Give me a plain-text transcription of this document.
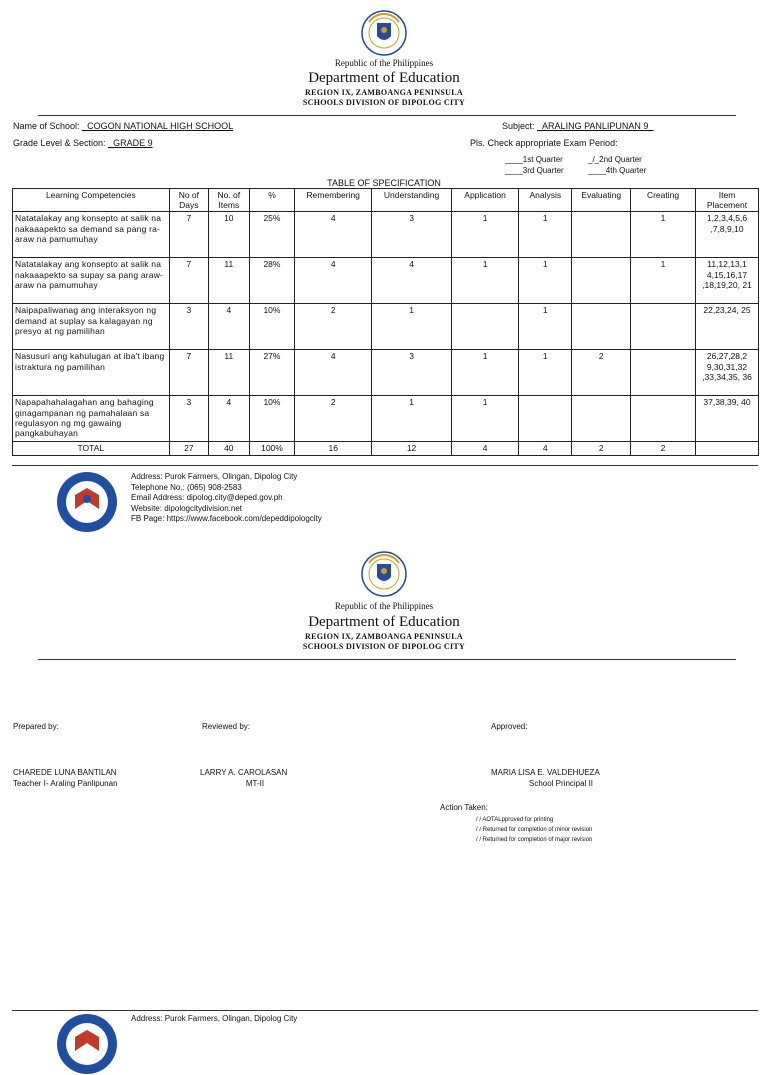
Republic of the Philippines
Department of Education
REGION IX, ZAMBOANGA PENINSULA
SCHOOLS DIVISION OF DIPOLOG CITY
Name of School: _COGON NATIONAL HIGH SCHOOL	Subject: _ARALING PANLIPUNAN 9_
Grade Level & Section: _GRADE 9	Pls. Check appropriate Exam Period:
____1st Quarter	_/_2nd Quarter
____3rd Quarter	____4th Quarter
TABLE OF SPECIFICATION
Learning Competencies	No of Days	No. of Items	%	Remembering	Understanding	Application	Analysis	Evaluating	Creating	Item Placement
Natatalakay ang konsepto at salik na nakaaapekto sa demand sa pang ra-araw na pamumuhay	7	10	25%	4	3	1	1		1	1,2,3,4,5,6 ,7,8,9,10
Natatalakay ang konsepto at salik na nakaaapekto sa supay sa pang araw-araw na pamumuhay	7	11	28%	4	4	1	1		1	11,12,13,1 4,15,16,17 ,18,19,20, 21
Naipapaliwanag ang interaksyon ng demand at suplay sa kalagayan ng presyo at ng pamilihan	3	4	10%	2	1		1			22,23,24, 25
Nasusuri ang kahulugan at iba't ibang istraktura ng pamilihan	7	11	27%	4	3	1	1	2		26,27,28,2 9,30,31,32 ,33,34,35, 36
Napapahahalagahan ang bahaging ginagampanan ng pamahalaan sa regulasyon ng mg gawaing pangkabuhayan	3	4	10%	2	1	1				37,38,39, 40
TOTAL	27	40	100%	16	12	4	4	2	2	
Address: Purok Farmers, Olingan, Dipolog City
Telephone No.: (065) 908-2583
Email Address: dipolog.city@deped.gov.ph
Website: dipologcitydivision.net
FB Page: https://www.facebook.com/depeddipologcity
Republic of the Philippines
Department of Education
REGION IX, ZAMBOANGA PENINSULA
SCHOOLS DIVISION OF DIPOLOG CITY
Prepared by:	Reviewed by:	Approved:
CHAREDE LUNA BANTILAN
Teacher I- Araling Panlipunan
LARRY A. CAROLASAN
MT-II
MARIA LISA E. VALDEHUEZA
School Principal II
Action Taken:
/ / AOTALpproved for printing
/ / Returned for completion of minor revision
/ / Returned for completion of major revision
Address: Purok Farmers, Olingan, Dipolog City
